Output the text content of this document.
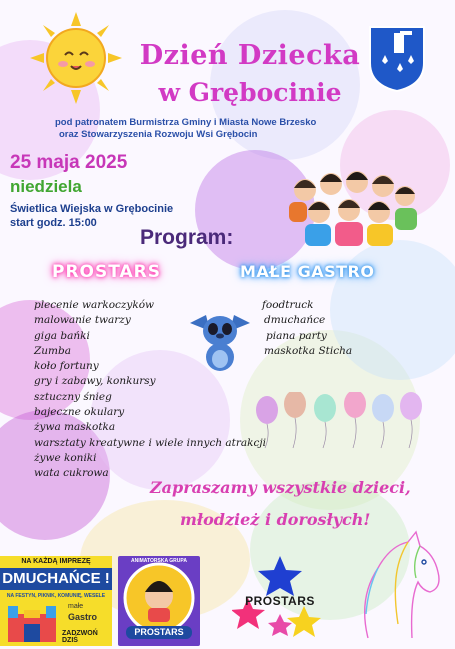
Dzień Dziecka
w Grębocinie
pod patronatem Burmistrza Gminy i Miasta Nowe Brzesko
oraz Stowarzyszenia Rozwoju Wsi Grębocin
25 maja 2025
niedziela
Świetlica Wiejska w Grębocinie
start godz. 15:00
Program:
PROSTARS	MAŁE GASTRO
plecenie warkoczyków
malowanie twarzy
giga bańki
Zumba
koło fortuny
gry i zabawy, konkursy
sztuczny śnieg
bajeczne okulary
żywa maskotka
warsztaty kreatywne i wiele innych atrakcji
żywe koniki
wata cukrowa
foodtruck
dmuchańce
piana party
maskotka Sticha
Zapraszamy wszystkie dzieci,
młodzież i dorosłych!
NA KAŻDĄ IMPREZĘ
DMUCHAŃCE !
NA FESTYN, PIKNIK, KOMUNIĘ, WESELE
małe
Gastro
ZADZWOŃ DZIŚ
ANIMATORSKA GRUPA
PROSTARS
PROSTARS
